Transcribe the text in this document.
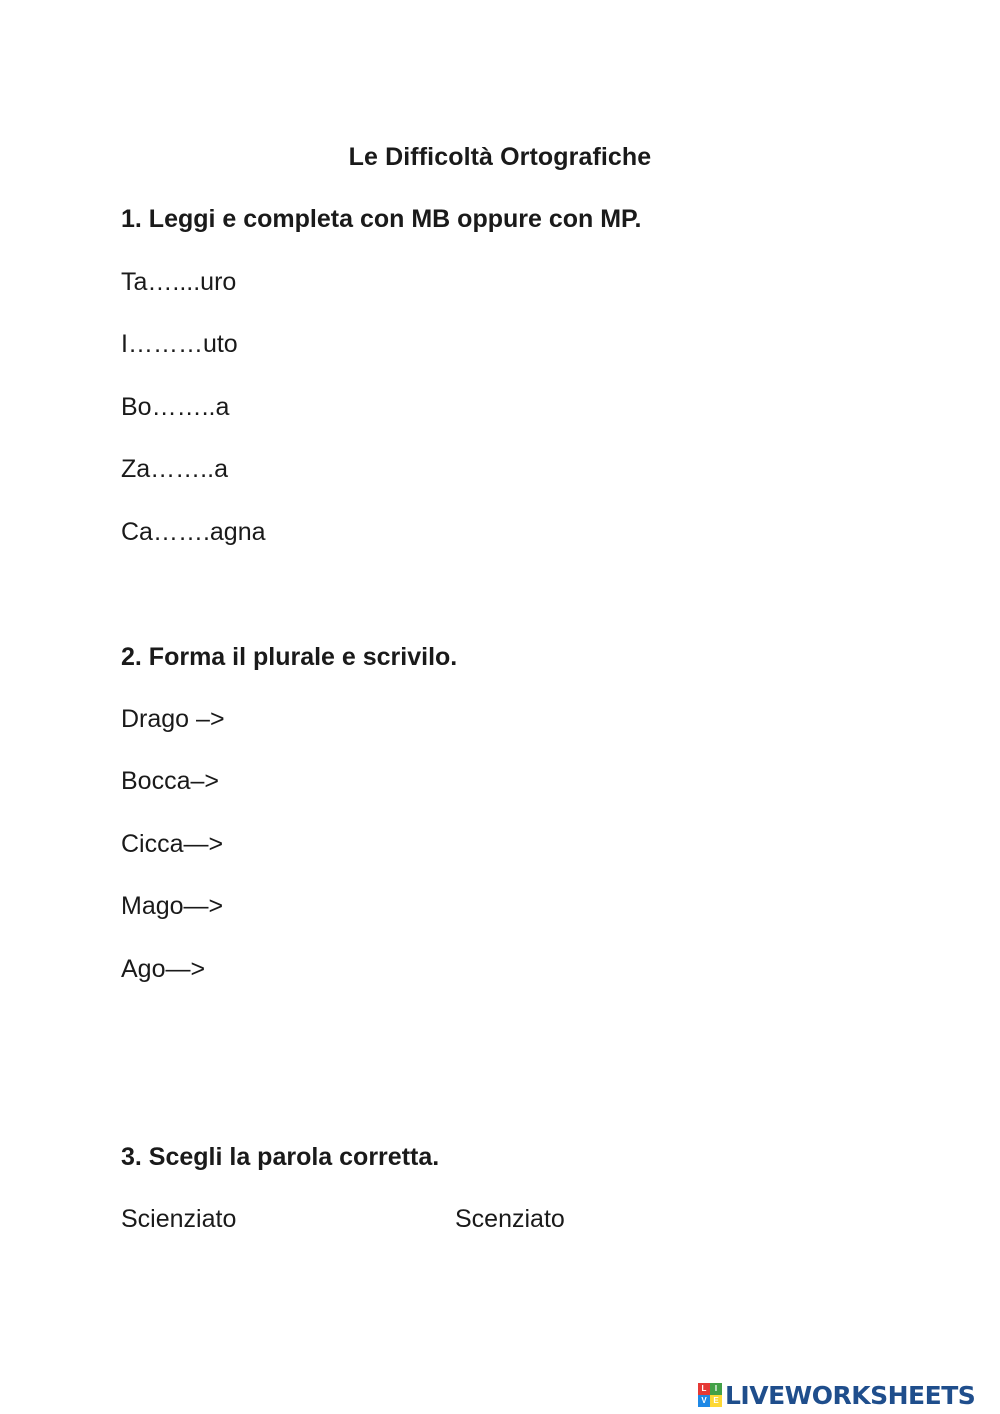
Le Difficoltà Ortografiche
1. Leggi e completa con MB oppure con MP.
Ta…....uro
I………uto
Bo……..a
Za……..a
Ca…….agna
2. Forma il plurale e scrivilo.
Drago –>
Bocca–>
Cicca—>
Mago—>
Ago—>
3. Scegli la parola corretta.
Scienziato	Scenziato
L	I
V E LIVEWORKSHEETS
